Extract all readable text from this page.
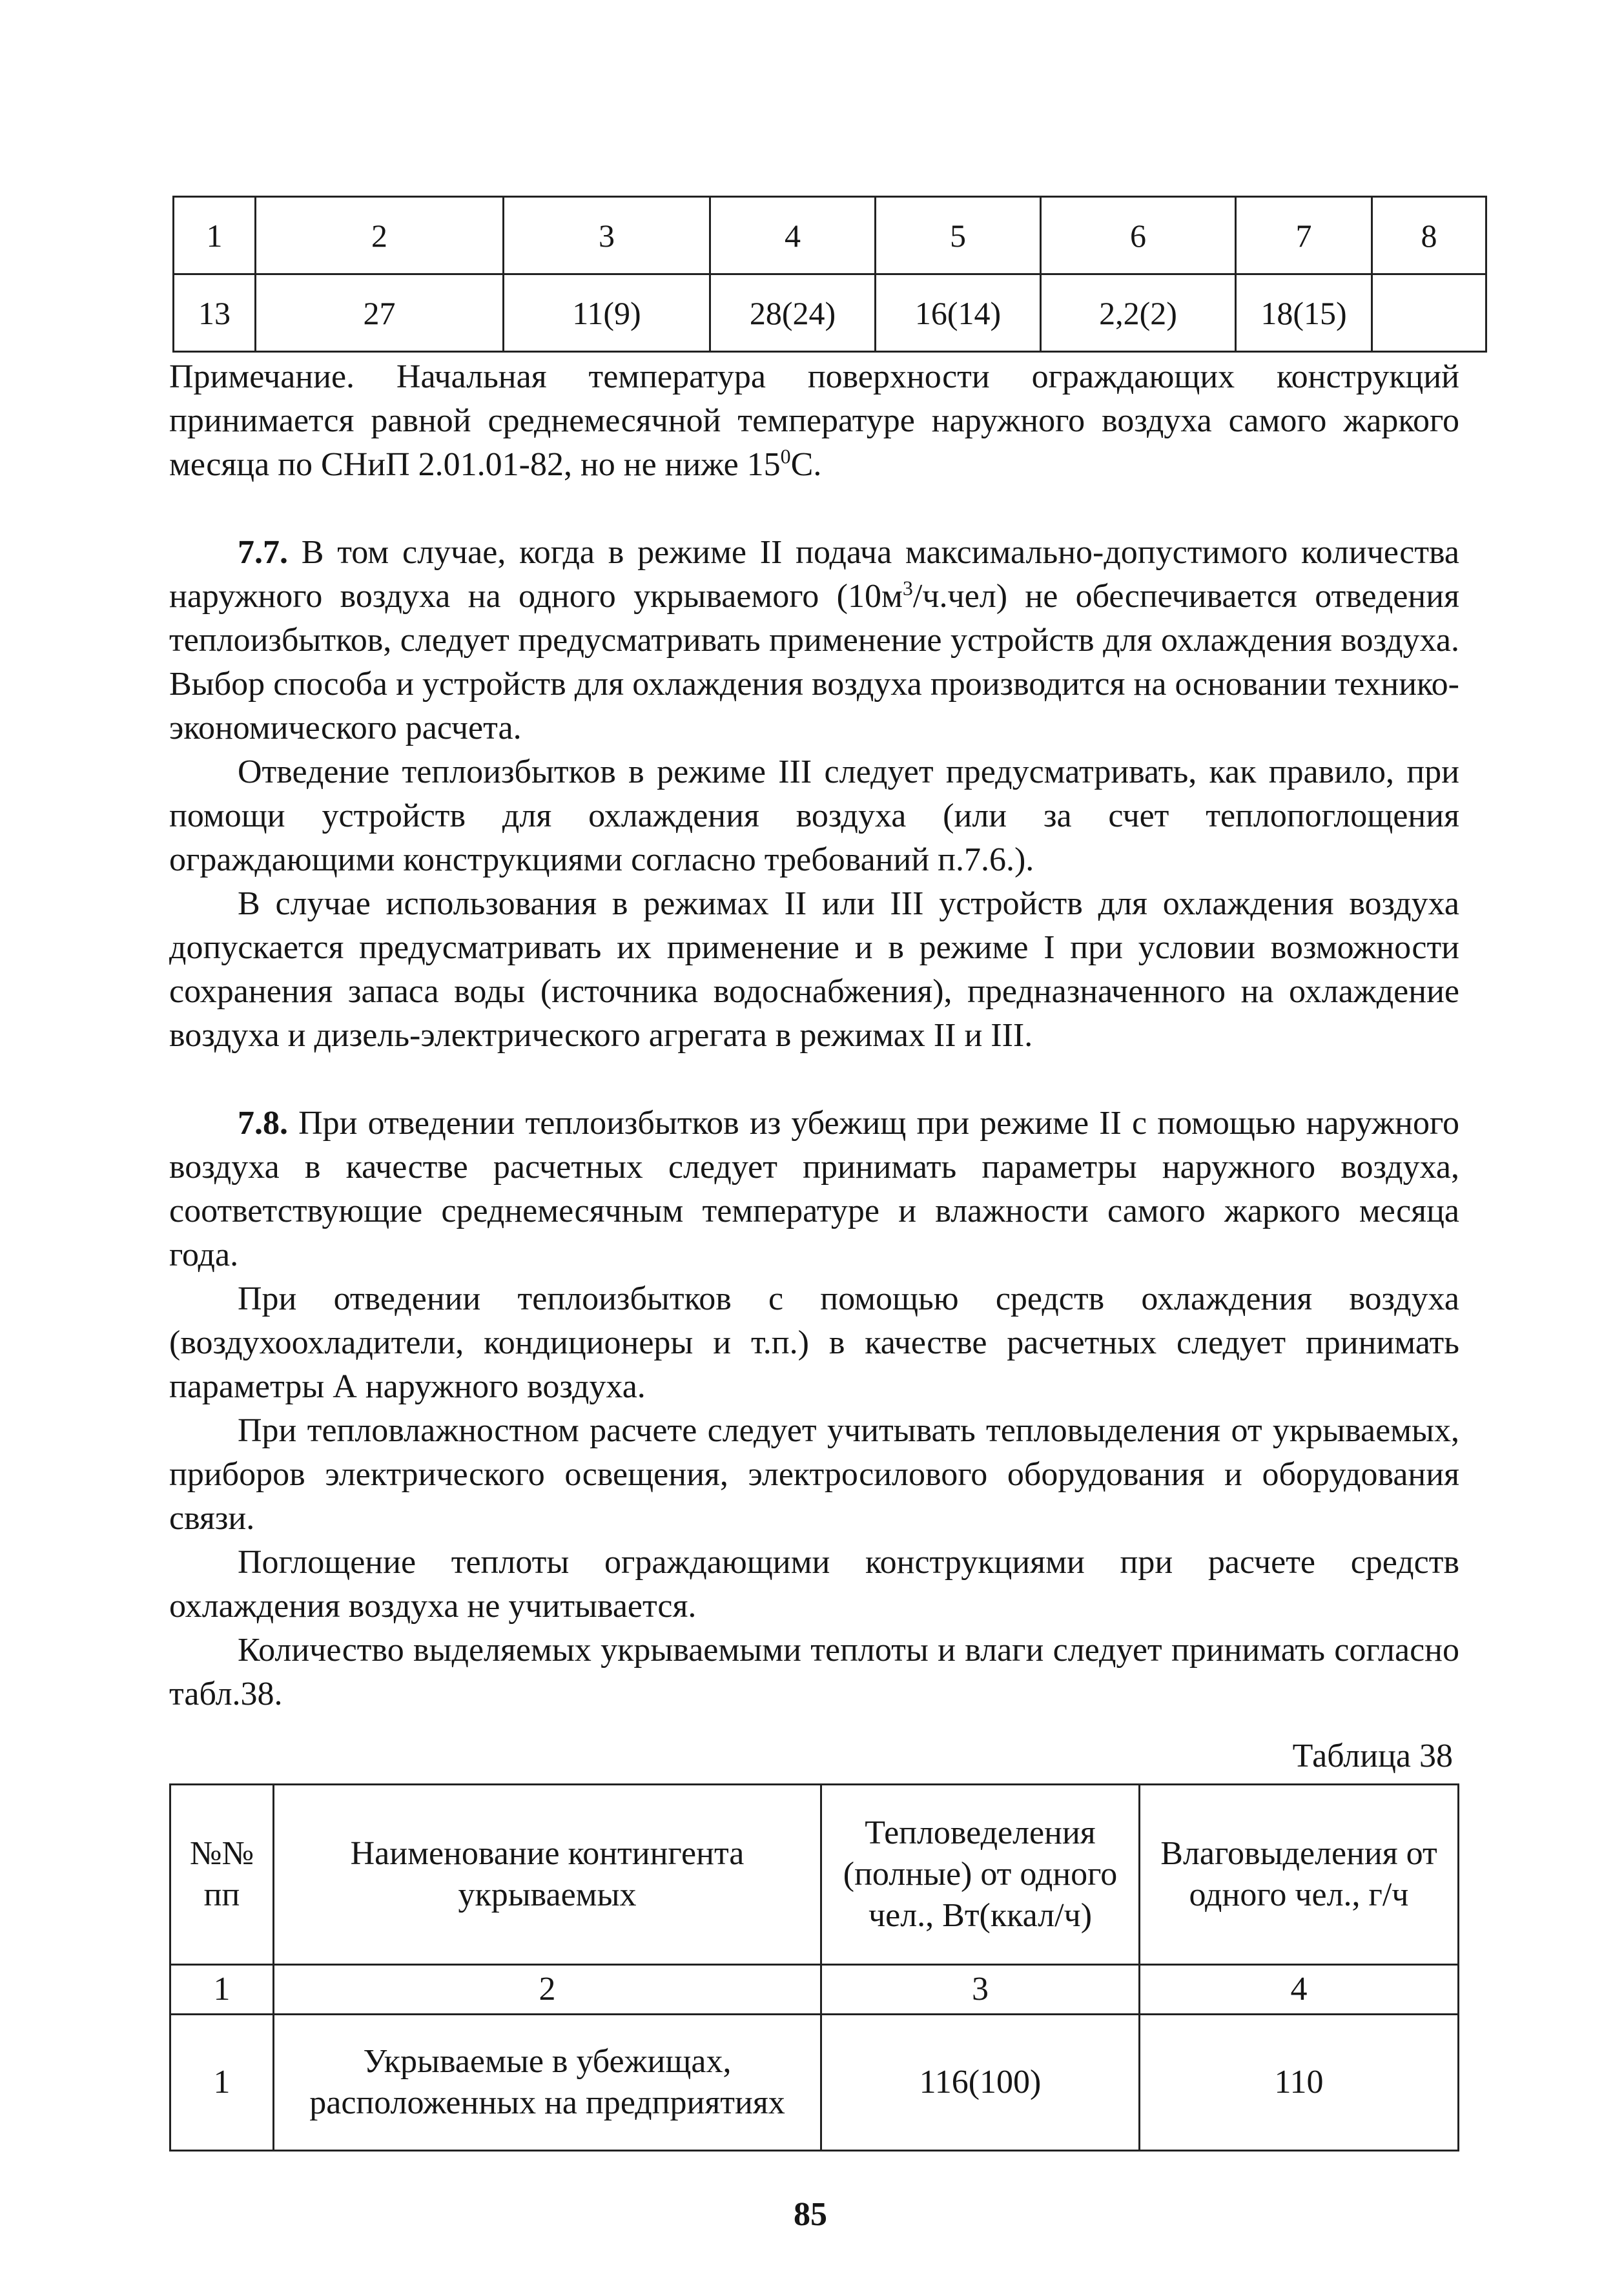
1	2	3	4	5	6	7	8
13	27	11(9)	28(24)	16(14)	2,2(2)	18(15)	
Примечание. Начальная температура поверхности ограждающих конструкций принимается равной среднемесячной температуре наружного воздуха самого жаркого месяца по СНиП 2.01.01-82, но не ниже $15^0С$.

7.7. В том случае, когда в режиме II подача максимально-допустимого количества наружного воздуха на одного укрываемого $(10м^3/ч.чел)$ не обеспечивается отведения теплоизбытков, следует предусматривать применение устройств для охлаждения воздуха. Выбор способа и устройств для охлаждения воздуха производится на основании технико-экономического расчета.

Отведение теплоизбытков в режиме III следует предусматривать, как правило, при помощи устройств для охлаждения воздуха (или за счет теплопоглощения ограждающими конструкциями согласно требований п.7.6.).

В случае использования в режимах II или III устройств для охлаждения воздуха допускается предусматривать их применение и в режиме I при условии возможности сохранения запаса воды (источника водоснабжения), предназначенного на охлаждение воздуха и дизель-электрического агрегата в режимах II и III.

7.8. При отведении теплоизбытков из убежищ при режиме II с помощью наружного воздуха в качестве расчетных следует принимать параметры наружного воздуха, соответствующие среднемесячным температуре и влажности самого жаркого месяца года.

При отведении теплоизбытков с помощью средств охлаждения воздуха (воздухоохладители, кондиционеры и т.п.) в качестве расчетных следует принимать параметры А наружного воздуха.

При тепловлажностном расчете следует учитывать тепловыделения от укрываемых, приборов электрического освещения, электросилового оборудования и оборудования связи.

Поглощение теплоты ограждающими конструкциями при расчете средств охлаждения воздуха не учитывается.

Количество выделяемых укрываемыми теплоты и влаги следует принимать согласно табл.38.

Таблица 38
№№ пп	Наименование контингента укрываемых	Тепловеделения (полные) от одного чел., Вт(ккал/ч)	Влаговыделения от одного чел., г/ч
1	2	3	4
1	Укрываемые в убежищах, расположенных на предприятиях	116(100)	110
85
